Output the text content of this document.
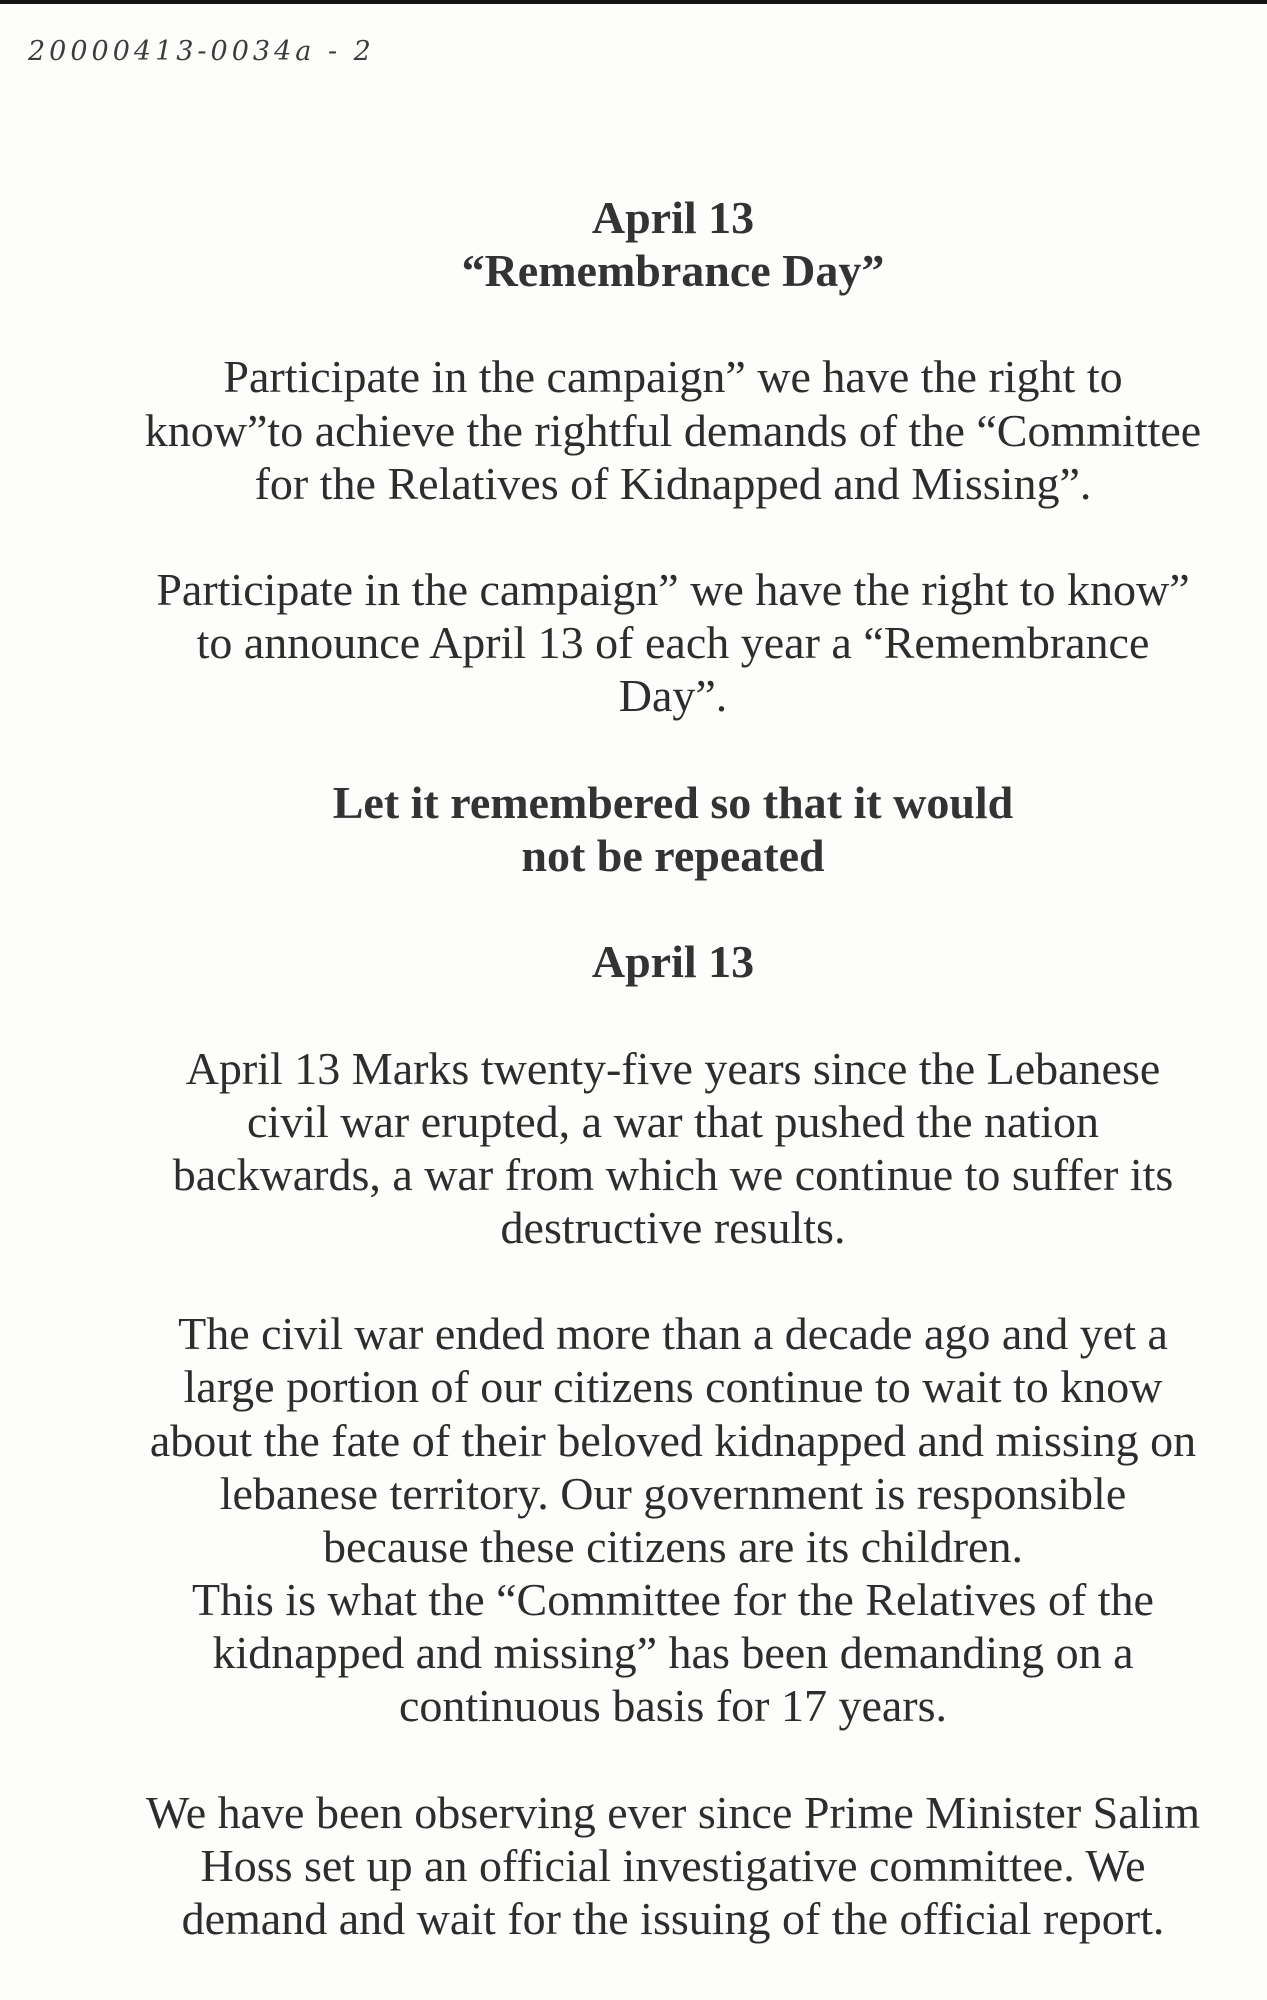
20000413-0034a - 2
April 13
“Remembrance Day”
Participate in the campaign” we have the right to
know”to achieve the rightful demands of the “Committee
for the Relatives of Kidnapped and Missing”.
Participate in the campaign” we have the right to know”
to announce April 13 of each year a “Remembrance
Day”.
Let it remembered so that it would
not be repeated
April 13
April 13 Marks twenty-five years since the Lebanese
civil war erupted, a war that pushed the nation
backwards, a war from which we continue to suffer its
destructive results.
The civil war ended more than a decade ago and yet a
large portion of our citizens continue to wait to know
about the fate of their beloved kidnapped and missing on
lebanese territory. Our government is responsible
because these citizens are its children.
This is what the “Committee for the Relatives of the
kidnapped and missing” has been demanding on a
continuous basis for 17 years.
We have been observing ever since Prime Minister Salim
Hoss set up an official investigative committee. We
demand and wait for the issuing of the official report.
